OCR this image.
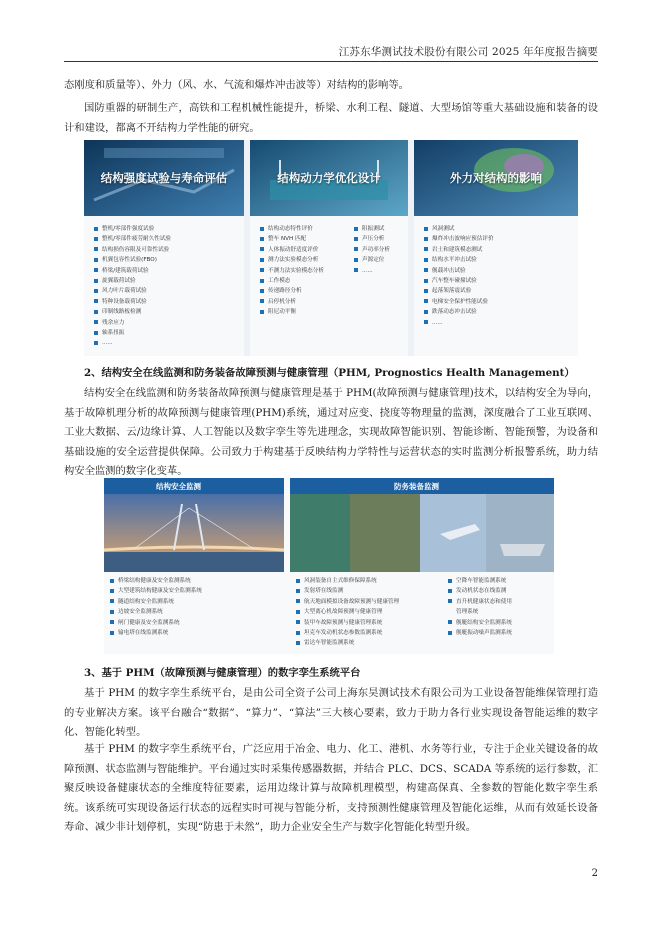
江苏东华测试技术股份有限公司 2025 年年度报告摘要
态刚度和质量等）、外力（风、水、气流和爆炸冲击波等）对结构的影响等。
国防重器的研制生产，高铁和工程机械性能提升，桥梁、水利工程、隧道、大型场馆等重大基础设施和装备的设计和建设，都离不开结构力学性能的研究。
结构强度试验与寿命评估
整机/零部件强度试验
整机/零部件疲劳耐久性试验
结构损伤容限及可靠性试验
机翼包容性试验(FBO)
桥梁/建筑载荷试验
旋翼载荷试验
风力叶片载荷试验
特种设备载荷试验
印制线路板检测
残余应力
轴系扭振
......
结构动力学优化设计
结构动态特性评价
整车 NVH 匹配
人体振动舒适度评价
测力法实验模态分析
不测力法实验模态分析
工作模态
传递路径分析
启停机分析
阻尼动平衡
阻振测试
声压分析
声功率分析
声源定位
......
外力对结构的影响
风洞测试
爆炸冲击波响应预估评价
岩土和建筑模态测试
结构水平冲击试验
舰载冲击试验
汽车整车碰撞试验
起落架落震试验
电梯安全保护性能试验
跌落动态冲击试验
......
2、结构安全在线监测和防务装备故障预测与健康管理（PHM, Prognostics Health Management）
结构安全在线监测和防务装备故障预测与健康管理是基于 PHM(故障预测与健康管理)技术，以结构安全为导向，基于故障机理分析的故障预测与健康管理(PHM)系统，通过对应变、挠度等物理量的监测，深度融合了工业互联网、工业大数据、云/边缘计算、人工智能以及数字孪生等先进理念，实现故障智能识别、智能诊断、智能预警，为设备和基础设施的安全运营提供保障。公司致力于构建基于反映结构力学特性与运营状态的实时监测分析报警系统，助力结构安全监测的数字化变革。
结构安全监测	防务装备监测
桥梁结构健康及安全监测系统
大型建筑结构健康及安全监测系统
隧道结构安全监测系统
边坡安全监测系统
闸门健康及安全监测系统
输电塔在线监测系统
风洞装备自主式维修保障系统
发射塔在线监测
航天地面模拟设备故障预测与健康管理
大型离心机故障预测与健康管理
装甲车故障预测与健康管理系统
坦克车发动机状态参数监测系统
雷达车智能监测系统
空降车智能监测系统
发动机状态在线监测
直升机健康状态和使用
管理系统
舰艇结构安全监测系统
舰艇振动噪声监测系统
3、基于 PHM（故障预测与健康管理）的数字孪生系统平台
基于 PHM 的数字孪生系统平台，是由公司全资子公司上海东昊测试技术有限公司为工业设备智能维保管理打造的专业解决方案。该平台融合“数据”、“算力”、“算法”三大核心要素，致力于助力各行业实现设备智能运维的数字化、智能化转型。
基于 PHM 的数字孪生系统平台，广泛应用于冶金、电力、化工、港机、水务等行业，专注于企业关键设备的故障预测、状态监测与智能维护。平台通过实时采集传感器数据，并结合 PLC、DCS、SCADA 等系统的运行参数，汇聚反映设备健康状态的全维度特征要素，运用边缘计算与故障机理模型，构建高保真、全参数的智能化数字孪生系统。该系统可实现设备运行状态的远程实时可视与智能分析，支持预测性健康管理及智能化运维，从而有效延长设备寿命、减少非计划停机，实现“防患于未然”，助力企业安全生产与数字化智能化转型升级。
2
